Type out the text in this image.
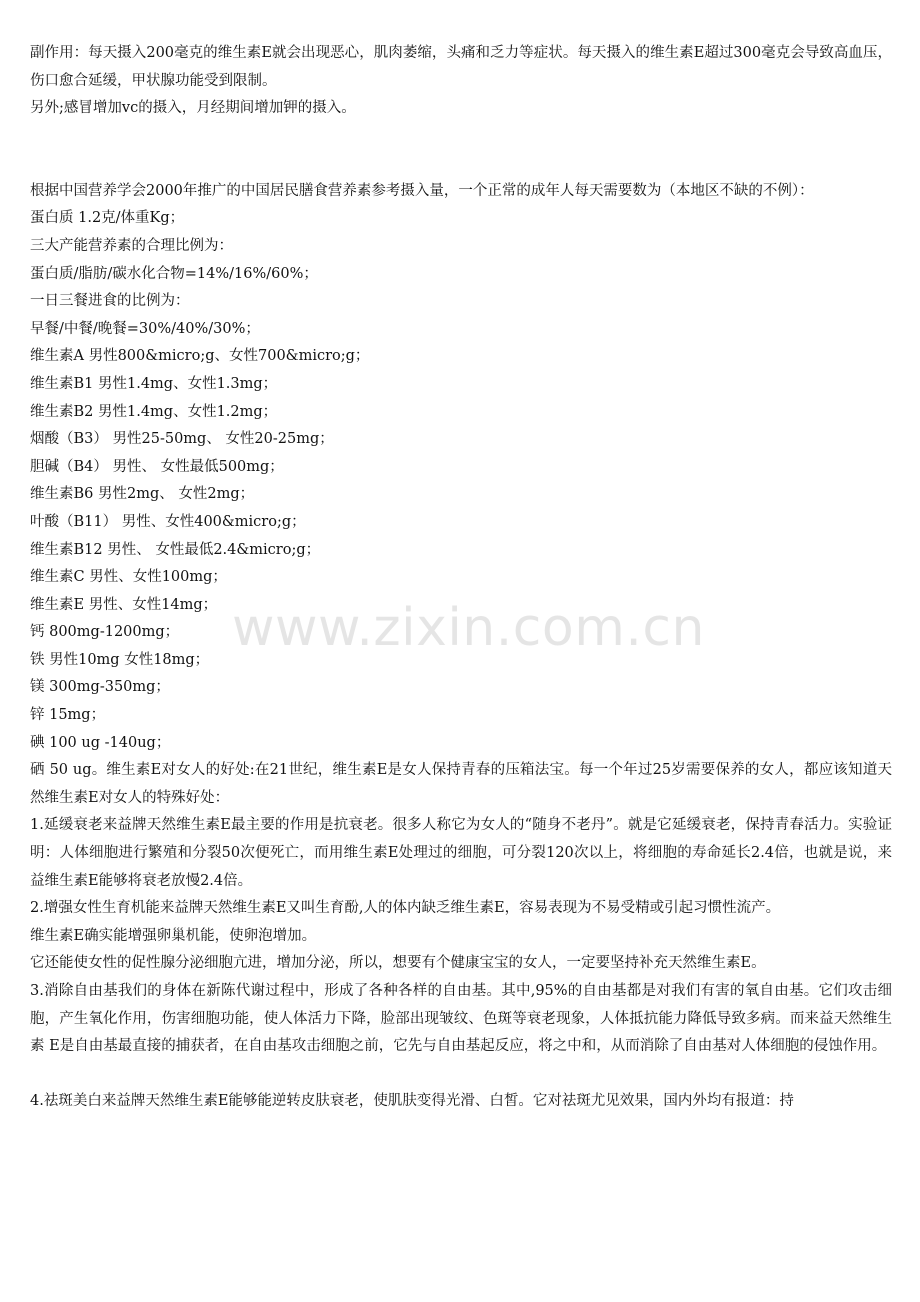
副作用：每天摄入200毫克的维生素E就会出现恶心，肌肉萎缩，头痛和乏力等症状。每天摄入的维生素E超过300毫克会导致高血压，伤口愈合延缓，甲状腺功能受到限制。

另外;感冒增加vc的摄入，月经期间增加钾的摄入。

根据中国营养学会2000年推广的中国居民膳食营养素参考摄入量，一个正常的成年人每天需要数为（本地区不缺的不例）：

蛋白质 1.2克/体重Kg；

三大产能营养素的合理比例为：

蛋白质/脂肪/碳水化合物=14%/16%/60%；

一日三餐进食的比例为：

早餐/中餐/晚餐=30%/40%/30%；

维生素A 男性800&micro;g、女性700&micro;g；

维生素B1 男性1.4mg、女性1.3mg；

维生素B2 男性1.4mg、女性1.2mg；

烟酸（B3） 男性25-50mg、 女性20-25mg；

胆碱（B4） 男性、 女性最低500mg；

维生素B6 男性2mg、 女性2mg；

叶酸（B11） 男性、女性400&micro;g；

维生素B12 男性、 女性最低2.4&micro;g；

维生素C 男性、女性100mg；

维生素E 男性、女性14mg；

钙 800mg-1200mg；

铁 男性10mg 女性18mg；

镁 300mg-350mg；

锌 15mg；

碘 100 ug -140ug；

硒 50 ug。维生素E对女人的好处:在21世纪，维生素E是女人保持青春的压箱法宝。每一个年过25岁需要保养的女人，都应该知道天然维生素E对女人的特殊好处：

1.延缓衰老来益牌天然维生素E最主要的作用是抗衰老。很多人称它为女人的“随身不老丹”。就是它延缓衰老，保持青春活力。实验证明：人体细胞进行繁殖和分裂50次便死亡，而用维生素E处理过的细胞，可分裂120次以上，将细胞的寿命延长2.4倍，也就是说，来益维生素E能够将衰老放慢2.4倍。

2.增强女性生育机能来益牌天然维生素E又叫生育酚,人的体内缺乏维生素E，容易表现为不易受精或引起习惯性流产。

维生素E确实能增强卵巢机能，使卵泡增加。

它还能使女性的促性腺分泌细胞亢进，增加分泌，所以，想要有个健康宝宝的女人，一定要坚持补充天然维生素E。

3.消除自由基我们的身体在新陈代谢过程中，形成了各种各样的自由基。其中,95%的自由基都是对我们有害的氧自由基。它们攻击细胞，产生氧化作用，伤害细胞功能，使人体活力下降，脸部出现皱纹、色斑等衰老现象，人体抵抗能力降低导致多病。而来益天然维生素 E是自由基最直接的捕获者，在自由基攻击细胞之前，它先与自由基起反应，将之中和，从而消除了自由基对人体细胞的侵蚀作用。

4.祛斑美白来益牌天然维生素E能够能逆转皮肤衰老，使肌肤变得光滑、白皙。它对祛斑尤见效果，国内外均有报道：持

www.zixin.com.cn
